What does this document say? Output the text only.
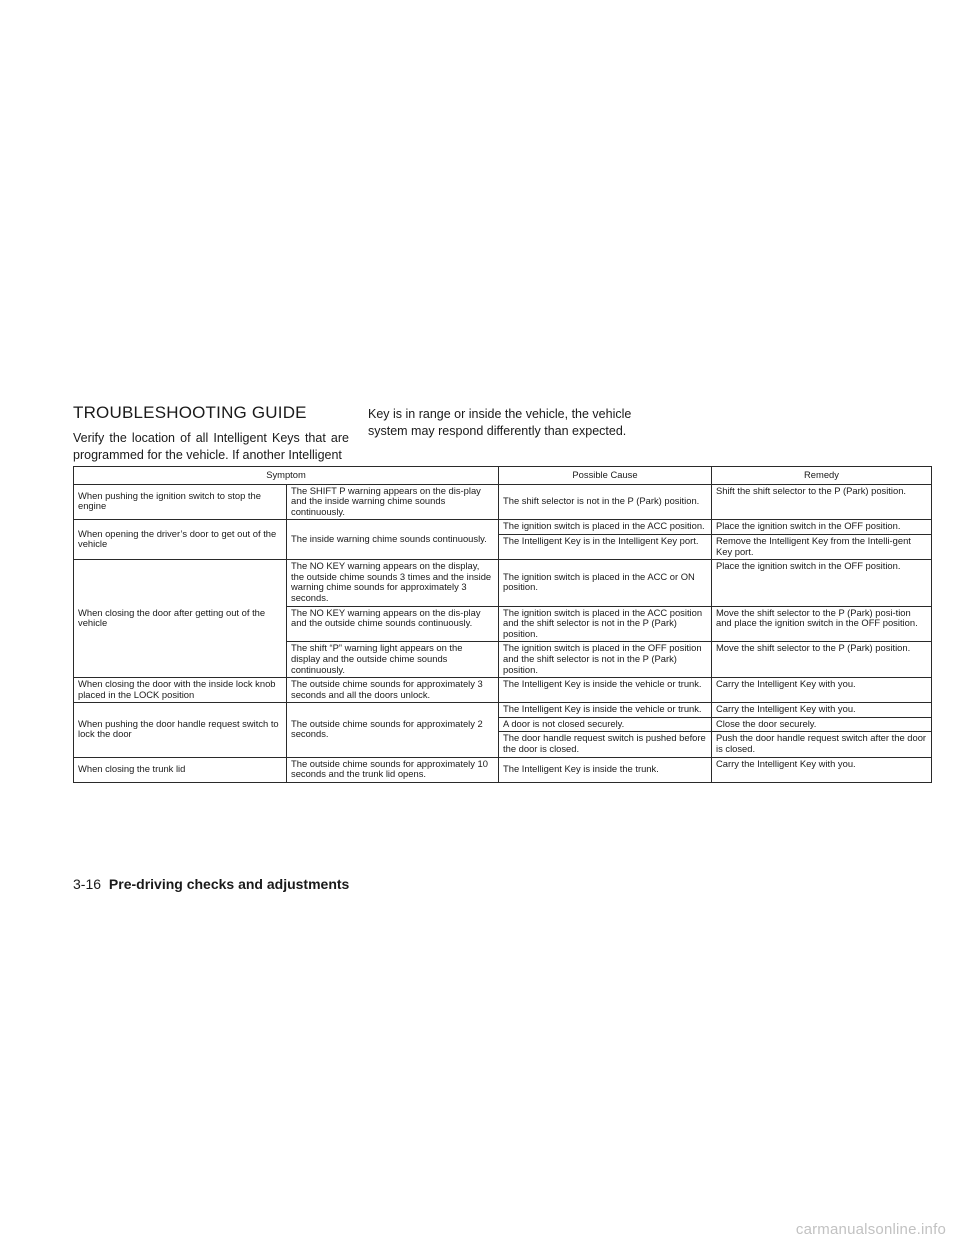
TROUBLESHOOTING GUIDE
Verify the location of all Intelligent Keys that are programmed for the vehicle. If another Intelligent
Key is in range or inside the vehicle, the vehicle system may respond differently than expected.
Symptom		Possible Cause	Remedy
When pushing the ignition switch to stop the engine	The SHIFT P warning appears on the dis-play and the inside warning chime sounds continuously.	The shift selector is not in the P (Park) position.	Shift the shift selector to the P (Park) position.
When opening the driver’s door to get out of the vehicle	The inside warning chime sounds continuously.	The ignition switch is placed in the ACC position.	Place the ignition switch in the OFF position.
		The Intelligent Key is in the Intelligent Key port.	Remove the Intelligent Key from the Intelli-gent Key port.
When closing the door after getting out of the vehicle	The NO KEY warning appears on the display, the outside chime sounds 3 times and the inside warning chime sounds for approximately 3 seconds.	The ignition switch is placed in the ACC or ON position.	Place the ignition switch in the OFF position.
	The NO KEY warning appears on the dis-play and the outside chime sounds continuously.	The ignition switch is placed in the ACC position and the shift selector is not in the P (Park) position.	Move the shift selector to the P (Park) posi-tion and place the ignition switch in the OFF position.
	The shift “P” warning light appears on the display and the outside chime sounds continuously.	The ignition switch is placed in the OFF position and the shift selector is not in the P (Park) position.	Move the shift selector to the P (Park) position.
When closing the door with the inside lock knob placed in the LOCK position	The outside chime sounds for approximately 3 seconds and all the doors unlock.	The Intelligent Key is inside the vehicle or trunk.	Carry the Intelligent Key with you.
When pushing the door handle request switch to lock the door	The outside chime sounds for approximately 2 seconds.	The Intelligent Key is inside the vehicle or trunk.	Carry the Intelligent Key with you.
		A door is not closed securely.	Close the door securely.
		The door handle request switch is pushed before the door is closed.	Push the door handle request switch after the door is closed.
When closing the trunk lid	The outside chime sounds for approximately 10 seconds and the trunk lid opens.	The Intelligent Key is inside the trunk.	Carry the Intelligent Key with you.
3-16 Pre-driving checks and adjustments
carmanualsonline.info
